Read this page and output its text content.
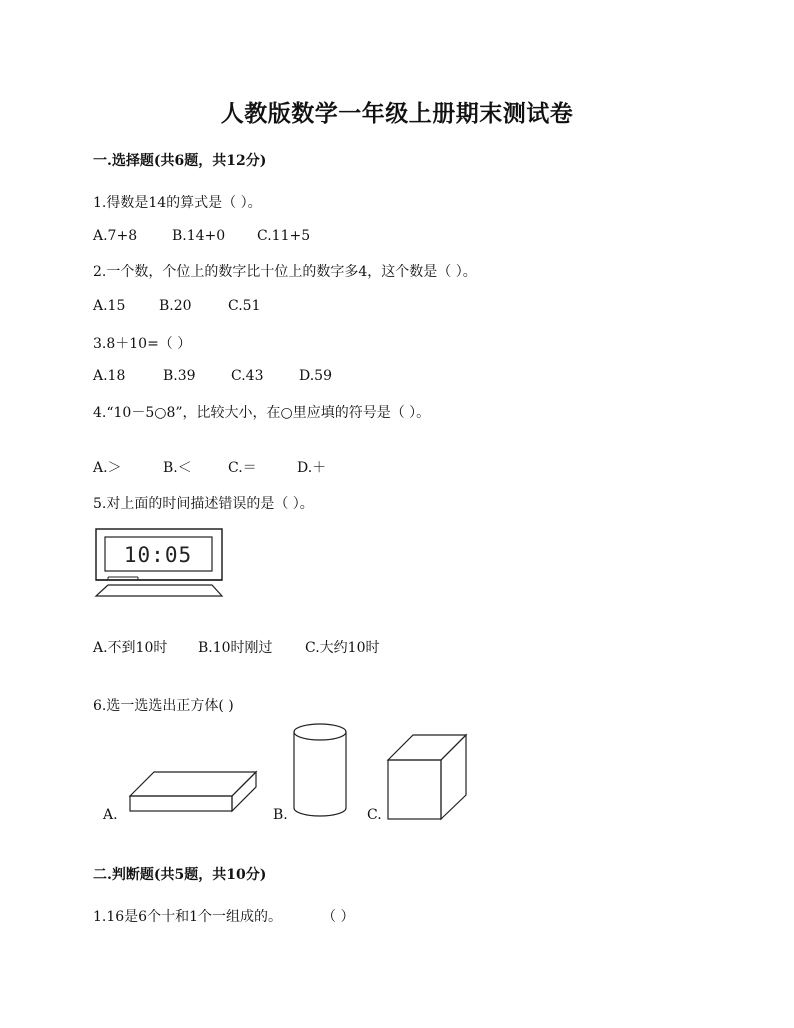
人教版数学一年级上册期末测试卷
一.选择题(共6题，共12分)
1.得数是14的算式是（ ）。
A.7+8 B.14+0 C.11+5
2.一个数，个位上的数字比十位上的数字多4，这个数是（ ）。
A.15 B.20	C.51
3.8＋10=（ ）
A.18	B.39	C.43	D.59
4.“10－5○8”，比较大小，在○里应填的符号是（ ）。
A.＞	B.＜	C.＝	D.＋
5.对上面的时间描述错误的是（ ）。
10:05
A.不到10时 B.10时刚过 C.大约10时
6.选一选选出正方体( )
A.	B.	C.
二.判断题(共5题，共10分)
1.16是6个十和1个一组成的。	（ ）
